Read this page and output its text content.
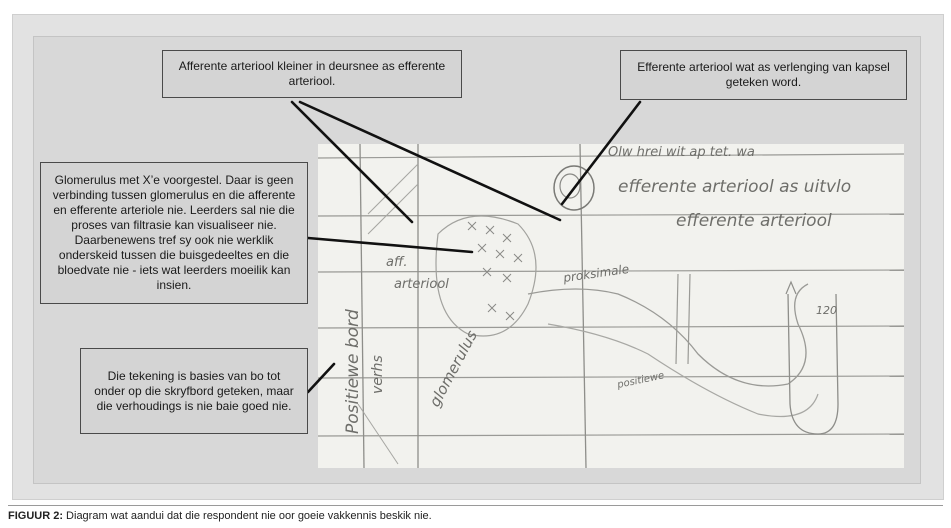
Olw hrei wit ap tet. wa
efferente arteriool as uitvlo
efferente arteriool
aff.
arteriool	proksimale
glomerulus	positiewe
Positiewe bord verhs
120
Afferente arteriool kleiner in deursnee as efferente arteriool.
Efferente arteriool wat as verlenging van kapsel geteken word.
Glomerulus met X’e voorgestel. Daar is geen verbinding tussen glomerulus en die afferente en efferente arteriole nie. Leerders sal nie die proses van filtrasie kan visualiseer nie. Daarbenewens tref sy ook nie werklik onderskeid tussen die buisgedeeltes en die bloedvate nie - iets wat leerders moeilik kan insien.
Die tekening is basies van bo tot onder op die skryfbord geteken, maar die verhoudings is nie baie goed nie.
FIGUUR 2: Diagram wat aandui dat die respondent nie oor goeie vakkennis beskik nie.
